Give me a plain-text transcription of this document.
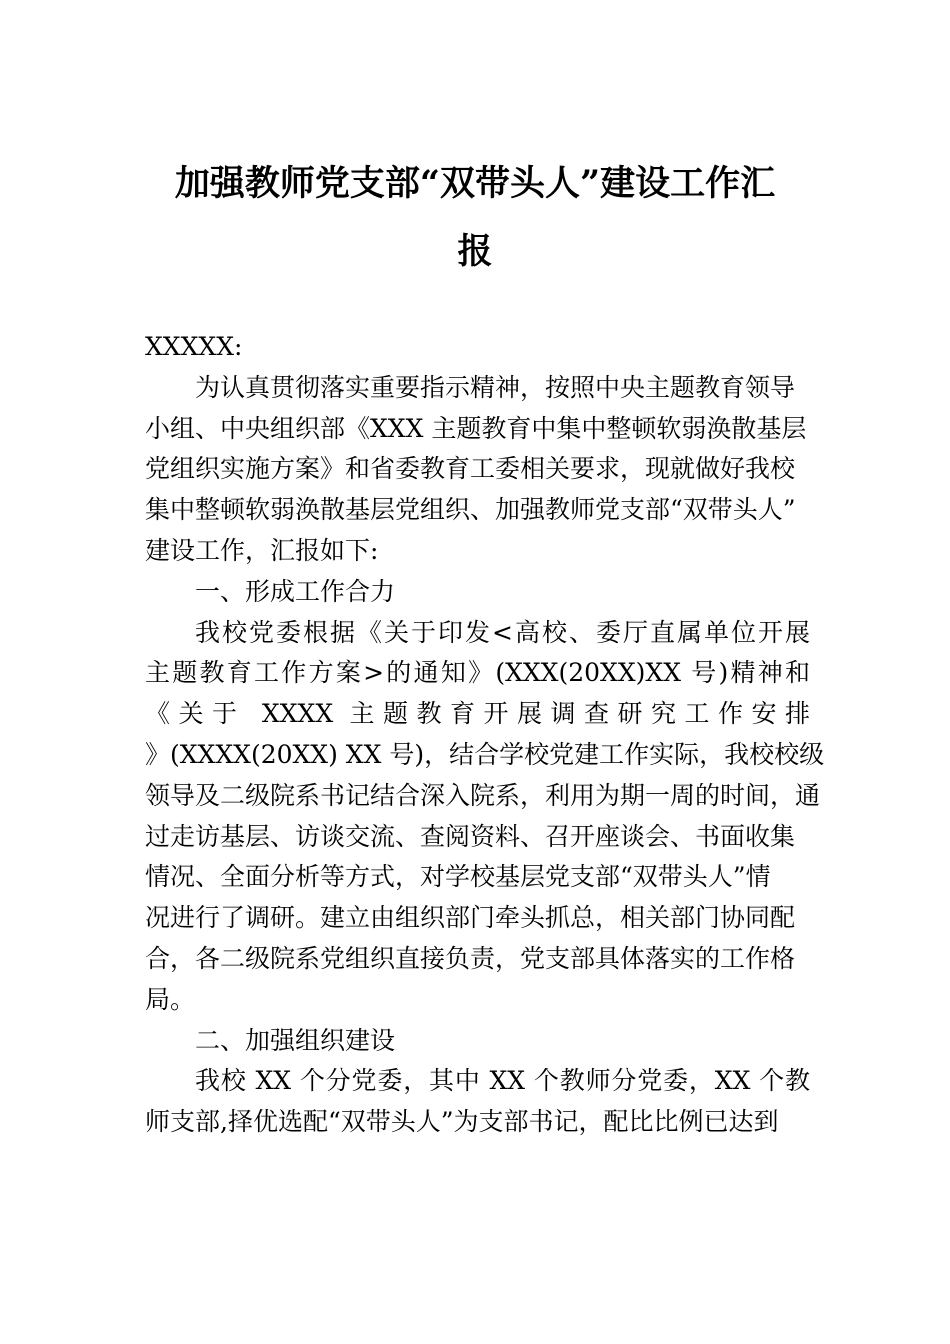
加强教师党支部“双带头人”建设工作汇
报

XXXXX:

为认真贯彻落实重要指示精神，按照中央主题教育领导

小组、中央组织部《XXX 主题教育中集中整顿软弱涣散基层

党组织实施方案》和省委教育工委相关要求，现就做好我校

集中整顿软弱涣散基层党组织、加强教师党支部“双带头人”

建设工作，汇报如下:

一、形成工作合力

我校党委根据《关于印发<高校、委厅直属单位开展

主题教育工作方案>的通知》(XXX(20XX)XX 号)精神和

《关于 XXXX 主题教育开展调查研究工作安排

》(XXXX(20XX) XX 号)，结合学校党建工作实际，我校校级

领导及二级院系书记结合深入院系，利用为期一周的时间，通

过走访基层、访谈交流、查阅资料、召开座谈会、书面收集

情况、全面分析等方式，对学校基层党支部“双带头人”情

况进行了调研。建立由组织部门牵头抓总，相关部门协同配

合，各二级院系党组织直接负责，党支部具体落实的工作格

局。

二、加强组织建设

我校 XX 个分党委，其中 XX 个教师分党委，XX 个教

师支部,择优选配“双带头人”为支部书记，配比比例已达到
